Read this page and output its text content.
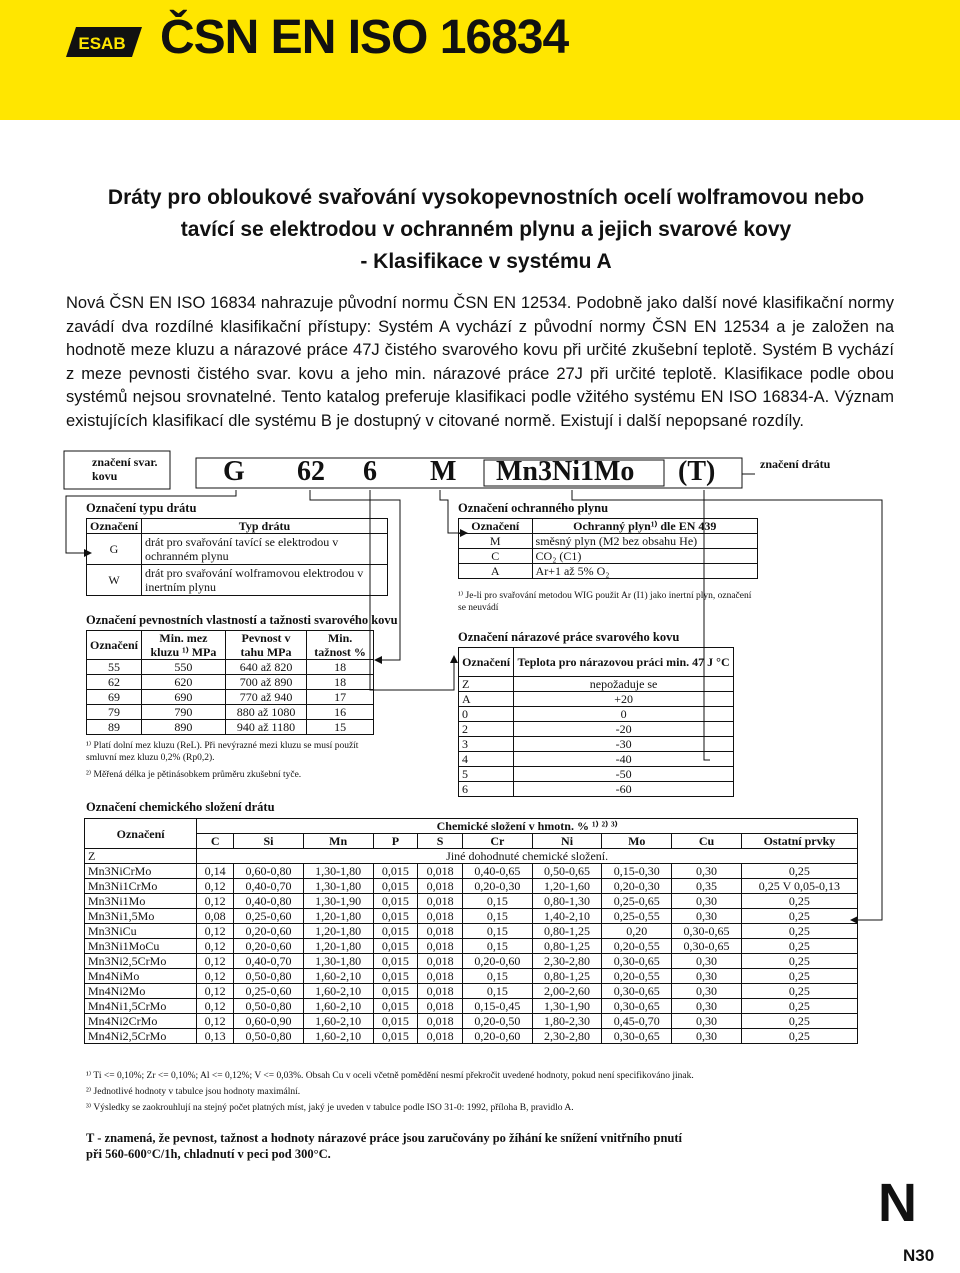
ESAB ČSN EN ISO 16834
Dráty pro obloukové svařování vysokopevnostních ocelí wolframovou nebo
tavící se elektrodou v ochranném plynu a jejich svarové kovy
- Klasifikace v systému A
Nová ČSN EN ISO 16834 nahrazuje původní normu ČSN EN 12534. Podobně jako další nové klasifikační normy zavádí dva rozdílné klasifikační přístupy: Systém A vychází z původní normy ČSN EN 12534 a je založen na hodnotě meze kluzu a nárazové práce 47J čistého svarového kovu při určité zkušební teplotě. Systém B vychází z meze pevnosti čistého svar. kovu a jeho min. nárazové práce 27J při určité teplotě. Klasifikace podle obou systémů nejsou srovnatelné. Tento katalog preferuje klasifikaci podle vžitého systému EN ISO 16834-A. Význam existujících klasifikací dle systému B je dostupný v citované normě. Existují i další nepopsané rozdíly.
značení svar. kovu
značení drátu
G 62 6 M Mn3Ni1Mo (T)
Označení typu drátu
Označení	Typ drátu
G	drát pro svařování tavící se elektrodou v ochranném plynu
W	drát pro svařování wolframovou elektrodou v inertním plynu
Označení ochranného plynu
Označení	Ochranný plyn¹⁾ dle EN 439
M	směsný plyn (M2 bez obsahu He)
C	CO₂ (C1)
A	Ar+1 až 5% O₂
¹⁾ Je-li pro svařování metodou WIG použit Ar (I1) jako inertní plyn, označení se neuvádí
Označení pevnostních vlastností a tažnosti svarového kovu
Označení	Min. mez kluzu ¹⁾ MPa	Pevnost v tahu MPa	Min. tažnost %
55	550	640 až 820	18
62	620	700 až 890	18
69	690	770 až 940	17
79	790	880 až 1080	16
89	890	940 až 1180	15
¹⁾ Platí dolní mez kluzu (ReL). Při nevýrazné mezi kluzu se musí použít smluvní mez kluzu 0,2% (Rp0,2).
²⁾ Měřená délka je pětinásobkem průměru zkušební tyče.
Označení nárazové práce svarového kovu
Označení	Teplota pro nárazovou práci min. 47 J °C
Z	nepožaduje se
A	+20
0	0
2	-20
3	-30
4	-40
5	-50
6	-60
Označení chemického složení drátu
Označení	Chemické složení v hmotn. % ¹⁾ ²⁾ ³⁾									
	C	Si	Mn	P	S	Cr	Ni	Mo	Cu	Ostatní prvky
Z	Jiné dohodnuté chemické složení.									
Mn3NiCrMo	0,14	0,60-0,80	1,30-1,80	0,015	0,018	0,40-0,65	0,50-0,65	0,15-0,30	0,30	0,25
Mn3Ni1CrMo	0,12	0,40-0,70	1,30-1,80	0,015	0,018	0,20-0,30	1,20-1,60	0,20-0,30	0,35	0,25 V 0,05-0,13
Mn3Ni1Mo	0,12	0,40-0,80	1,30-1,90	0,015	0,018	0,15	0,80-1,30	0,25-0,65	0,30	0,25
Mn3Ni1,5Mo	0,08	0,25-0,60	1,20-1,80	0,015	0,018	0,15	1,40-2,10	0,25-0,55	0,30	0,25
Mn3NiCu	0,12	0,20-0,60	1,20-1,80	0,015	0,018	0,15	0,80-1,25	0,20	0,30-0,65	0,25
Mn3Ni1MoCu	0,12	0,20-0,60	1,20-1,80	0,015	0,018	0,15	0,80-1,25	0,20-0,55	0,30-0,65	0,25
Mn3Ni2,5CrMo	0,12	0,40-0,70	1,30-1,80	0,015	0,018	0,20-0,60	2,30-2,80	0,30-0,65	0,30	0,25
Mn4NiMo	0,12	0,50-0,80	1,60-2,10	0,015	0,018	0,15	0,80-1,25	0,20-0,55	0,30	0,25
Mn4Ni2Mo	0,12	0,25-0,60	1,60-2,10	0,015	0,018	0,15	2,00-2,60	0,30-0,65	0,30	0,25
Mn4Ni1,5CrMo	0,12	0,50-0,80	1,60-2,10	0,015	0,018	0,15-0,45	1,30-1,90	0,30-0,65	0,30	0,25
Mn4Ni2CrMo	0,12	0,60-0,90	1,60-2,10	0,015	0,018	0,20-0,50	1,80-2,30	0,45-0,70	0,30	0,25
Mn4Ni2,5CrMo	0,13	0,50-0,80	1,60-2,10	0,015	0,018	0,20-0,60	2,30-2,80	0,30-0,65	0,30	0,25
¹⁾ Ti <= 0,10%; Zr <= 0,10%; Al <= 0,12%; V <= 0,03%. Obsah Cu v oceli včetně pomědění nesmí překročit uvedené hodnoty, pokud není specifikováno jinak.
²⁾ Jednotlivé hodnoty v tabulce jsou hodnoty maximální.
³⁾ Výsledky se zaokrouhlují na stejný počet platných míst, jaký je uveden v tabulce podle ISO 31-0: 1992, příloha B, pravidlo A.
T - znamená, že pevnost, tažnost a hodnoty nárazové práce jsou zaručovány po žíhání ke snížení vnitřního pnutí
při 560-600°C/1h, chladnutí v peci pod 300°C.
N
N30
